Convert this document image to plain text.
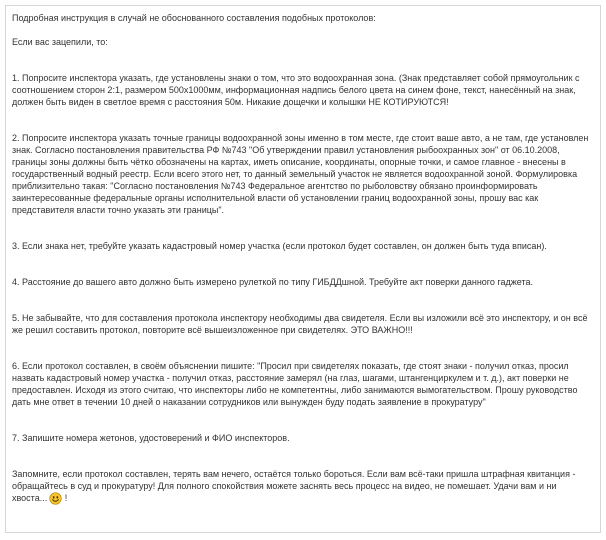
Подробная инструкция в случай не обоснованного составления подобных протоколов:

Если вас зацепили, то:

1. Попросите инспектора указать, где установлены знаки о том, что это водоохранная зона. (Знак представляет собой прямоугольник с соотношением сторон 2:1, размером 500х1000мм, информационная надпись белого цвета на синем фоне, текст, нанесённый на знак, должен быть виден в светлое время с расстояния 50м. Никакие дощечки и колышки НЕ КОТИРУЮТСЯ!

2. Попросите инспектора указать точные границы водоохранной зоны именно в том месте, где стоит ваше авто, а не там, где установлен знак. Согласно постановления правительства РФ №743 "Об утверждении правил установления рыбоохранных зон" от 06.10.2008, границы зоны должны быть чётко обозначены на картах, иметь описание, координаты, опорные точки, и самое главное - внесены в государственный водный реестр. Если всего этого нет, то данный земельный участок не является водоохранной зоной. Формулировка приблизительно такая: "Согласно постановления №743 Федеральное агентство по рыболовству обязано проинформировать заинтересованные федеральные органы исполнительной власти об установлении границ водоохранной зоны, прошу вас как представителя власти точно указать эти границы".

3. Если знака нет, требуйте указать кадастровый номер участка (если протокол будет составлен, он должен быть туда вписан).

4. Расстояние до вашего авто должно быть измерено рулеткой по типу ГИБДДшной. Требуйте акт поверки данного гаджета.

5. Не забывайте, что для составления протокола инспектору необходимы два свидетеля. Если вы изложили всё это инспектору, и он всё же решил составить протокол, повторите всё вышеизложенное при свидетелях. ЭТО ВАЖНО!!!

6. Если протокол составлен, в своём объяснении пишите: "Просил при свидетелях показать, где стоят знаки - получил отказ, просил назвать кадастровый номер участка - получил отказ, расстояние замерял (на глаз, шагами, штангенциркулем и т. д.), акт поверки не предоставлен. Исходя из этого считаю, что инспекторы либо не компетентны, либо занимаются вымогательством. Прошу руководство дать мне ответ в течении 10 дней о наказании сотрудников или вынужден буду подать заявление в прокуратуру"

7. Запишите номера жетонов, удостоверений и ФИО инспекторов.

Запомните, если протокол составлен, терять вам нечего, остаётся только бороться. Если вам всё-таки пришла штрафная квитанция - обращайтесь в суд и прокуратуру! Для полного спокойствия можете заснять весь процесс на видео, не помешает. Удачи вам и ни хвоста... !
